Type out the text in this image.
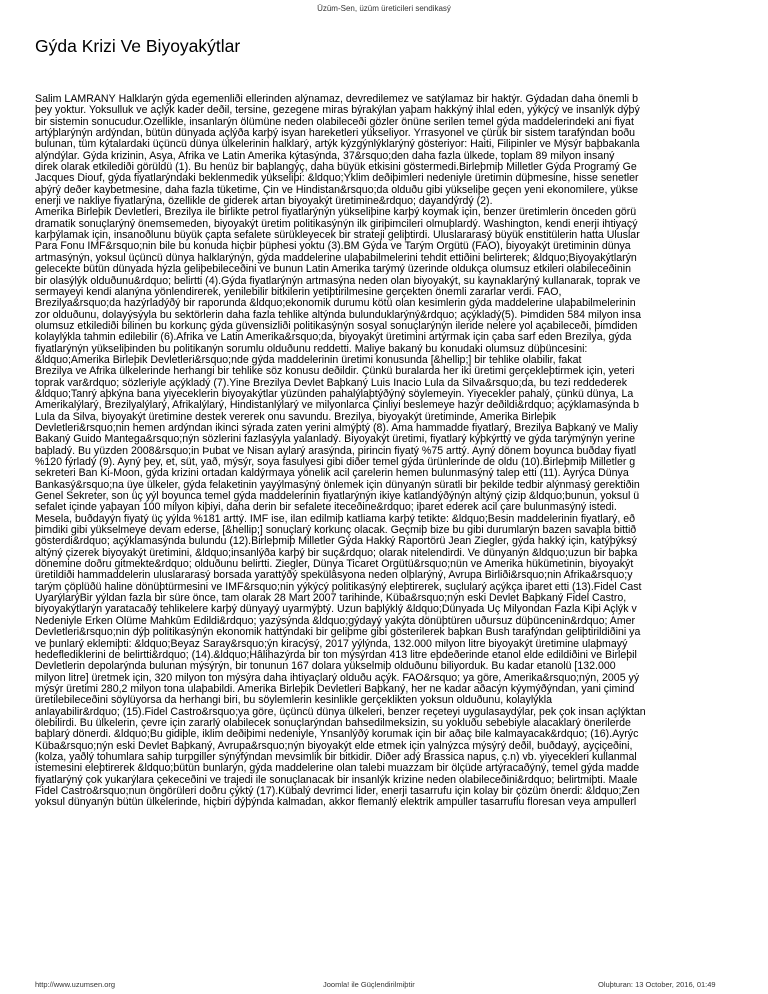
Üzüm-Sen, üzüm üreticileri sendikasý
Gýda Krizi Ve Biyoyakýtlar
Salim LAMRANÝ Halklarýn gýda egemenliði ellerinden alýnamaz, devredilemez ve satýlamaz bir haktýr. Gýdadan daha önemli b
þey yoktur. Yoksulluk ve açlýk kader deðil, tersine, gezegene miras býrakýlan yaþam hakkýný ihlal eden, yýkýcý ve insanlýk dýþý
bir sistemin sonucudur.Özellikle, insanlarýn ölümüne neden olabileceði gözler önüne serilen temel gýda maddelerindeki ani fiyat
artýþlarýnýn ardýndan, bütün dünyada açlýða karþý isyan hareketleri yükseliyor. Ýrrasyonel ve çürük bir sistem tarafýndan boðu
bulunan, tüm kýtalardaki üçüncü dünya ülkelerinin halklarý, artýk kýzgýnlýklarýný gösteriyor: Haiti, Filipinler ve Mýsýr baþbakanla
alýndýlar. Gýda krizinin, Asya, Afrika ve Latin Amerika kýtasýnda, 37&rsquo;den daha fazla ülkede, toplam 89 milyon insaný
direk olarak etkilediði görüldü (1). Bu henüz bir baþlangýç, daha büyük etkisini göstermedi.Birleþmiþ Milletler Gýda Programý Ge
Jacques Diouf, gýda fiyatlarýndaki beklenmedik yükseliþi: &ldquo;Ýklim deðiþimleri nedeniyle üretimin düþmesine, hisse senetler
aþýrý deðer kaybetmesine, daha fazla tüketime, Çin ve Hindistan&rsquo;da olduðu gibi yükseliþe geçen yeni ekonomilere, yükse
enerji ve nakliye fiyatlarýna, özellikle de giderek artan biyoyakýt üretimine&rdquo; dayandýrdý (2).
Amerika Birleþik Devletleri, Brezilya ile birlikte petrol fiyatlarýnýn yükseliþine karþý koymak için, benzer üretimlerin önceden görü
dramatik sonuçlarýný önemsemeden, biyoyakýt üretim politikasýnýn ilk giriþimcileri olmuþlardý. Washington, kendi enerji ihtiyaçý
karþýlamak için, insanoðlunu büyük çapta sefalete sürükleyecek bir strateji geliþtirdi. Uluslararasý büyük enstitülerin hatta Uluslar
Para Fonu IMF&rsquo;nin bile bu konuda hiçbir þüphesi yoktu (3).BM Gýda ve Tarým Örgütü (FAO), biyoyakýt üretiminin dünya
artmasýnýn, yoksul üçüncü dünya halklarýnýn, gýda maddelerine ulaþabilmelerini tehdit ettiðini belirterek; &ldquo;Biyoyakýtlarýn
gelecekte bütün dünyada hýzla geliþebileceðini ve bunun Latin Amerika tarýmý üzerinde oldukça olumsuz etkileri olabileceðinin
bir olasýlýk olduðunu&rdquo; belirtti (4).Gýda fiyatlarýnýn artmasýna neden olan biyoyakýt, su kaynaklarýný kullanarak, toprak ve
sermayeyi kendi alanýna yönlendirerek, yenilebilir bitkilerin yetiþtirilmesine gerçekten önemli zararlar verdi. FAO,
Brezilya&rsquo;da hazýrladýðý bir raporunda &ldquo;ekonomik durumu kötü olan kesimlerin gýda maddelerine ulaþabilmelerinin
zor olduðunu, dolayýsýyla bu sektörlerin daha fazla tehlike altýnda bulunduklarýný&rdquo; açýkladý(5). Þimdiden 584 milyon insa
olumsuz etkilediði bilinen bu korkunç gýda güvensizliði politikasýnýn sosyal sonuçlarýnýn ileride nelere yol açabileceði, þimdiden
kolaylýkla tahmin edilebilir (6).Afrika ve Latin Amerika&rsquo;da, biyoyakýt üretimini artýrmak için çaba sarf eden Brezilya, gýda
fiyatlarýnýn yükseliþinden bu politikanýn sorumlu olduðunu reddetti. Maliye bakaný bu konudaki olumsuz düþüncesini:
&ldquo;Amerika Birleþik Devletleri&rsquo;nde gýda maddelerinin üretimi konusunda [&hellip;] bir tehlike olabilir, fakat
Brezilya ve Afrika ülkelerinde herhangi bir tehlike söz konusu deðildir. Çünkü buralarda her iki üretimi gerçekleþtirmek için, yeteri
toprak var&rdquo; sözleriyle açýkladý (7).Yine Brezilya Devlet Baþkaný Luis Inacio Lula da Silva&rsquo;da, bu tezi reddederek
&ldquo;Tanrý aþkýna bana yiyeceklerin biyoyakýtlar yüzünden pahalýlaþtýðýný söylemeyin. Yiyecekler pahalý, çünkü dünya, La
Amerikalýlarý, Brezilyalýlarý, Afrikalýlarý, Hindistanlýlarý ve milyonlarca Çinliyi beslemeye hazýr deðildi&rdquo; açýklamasýnda b
Lula da Silva, biyoyakýt üretimine destek vererek onu savundu. Brezilya, biyoyakýt üretiminde, Amerika Birleþik
Devletleri&rsquo;nin hemen ardýndan ikinci sýrada zaten yerini almýþtý (8). Ama hammadde fiyatlarý, Brezilya Baþkaný ve Maliy
Bakaný Guido Mantega&rsquo;nýn sözlerini fazlasýyla yalanladý. Biyoyakýt üretimi, fiyatlarý kýþkýrttý ve gýda tarýmýnýn yerine
baþladý. Bu yüzden 2008&rsquo;in Þubat ve Nisan aylarý arasýnda, pirincin fiyatý %75 arttý. Ayný dönem boyunca buðday fiyatl
%120 fýrladý (9). Ayný þey, et, süt, yað, mýsýr, soya fasulyesi gibi diðer temel gýda ürünlerinde de oldu (10).Birleþmiþ Milletler g
sekreteri Ban Ki-Moon, gýda krizini ortadan kaldýrmaya yönelik acil çarelerin hemen bulunmasýný talep etti (11). Ayrýca Dünya
Bankasý&rsquo;na üye ülkeler, gýda felaketinin yayýlmasýný önlemek için dünyanýn süratli bir þekilde tedbir alýnmasý gerektiðin
Genel Sekreter, son üç yýl boyunca temel gýda maddelerinin fiyatlarýnýn ikiye katlandýðýnýn altýný çizip &ldquo;bunun, yoksul ü
sefalet içinde yaþayan 100 milyon kiþiyi, daha derin bir sefalete iteceðine&rdquo; iþaret ederek acil çare bulunmasýný istedi.
Mesela, buðdayýn fiyatý üç yýlda %181 arttý. IMF ise, ilan edilmiþ katliama karþý tetikte: &ldquo;Besin maddelerinin fiyatlarý, eð
þimdiki gibi yükselmeye devam ederse, [&hellip;] sonuçlarý korkunç olacak. Geçmiþ bize bu gibi durumlarýn bazen savaþla bittið
gösterdi&rdquo; açýklamasýnda bulundu (12).Birleþmiþ Milletler Gýda Hakký Raportörü Jean Ziegler, gýda hakký için, katýþýksý
altýný çizerek biyoyakýt üretimini, &ldquo;insanlýða karþý bir suç&rdquo; olarak nitelendirdi. Ve dünyanýn &ldquo;uzun bir baþka
dönemine doðru gitmekte&rdquo; olduðunu belirtti. Ziegler, Dünya Ticaret Örgütü&rsquo;nün ve Amerika hükümetinin, biyoyakýt
üretildiði hammaddelerin uluslararasý borsada yarattýðý spekülâsyona neden olþlarýný, Avrupa Birliði&rsquo;nin Afrika&rsquo;y
tarým çöplüðü haline dönüþtürmesini ve IMF&rsquo;nin yýkýcý politikasýný eleþtirerek, suçlularý açýkça iþaret etti (13).Fidel Cast
UyarýlarýBir yýldan fazla bir süre önce, tam olarak 28 Mart 2007 tarihinde, Küba&rsquo;nýn eski Devlet Baþkaný Fidel Castro,
biyoyakýtlarýn yaratacaðý tehlikelere karþý dünyayý uyarmýþtý. Uzun baþlýklý &ldquo;Dünyada Üç Milyondan Fazla Kiþi Açlýk v
Nedeniyle Erken Ölüme Mahkûm Edildi&rdquo; yazýsýnda &ldquo;gýdayý yakýta dönüþtüren uðursuz düþüncenin&rdquo; Amer
Devletleri&rsquo;nin dýþ politikasýnýn ekonomik hattýndaki bir geliþme gibi gösterilerek baþkan Bush tarafýndan geliþtirildiðini ya
ve þunlarý eklemiþti: &ldquo;Beyaz Saray&rsquo;ýn kiracýsý, 2017 yýlýnda, 132.000 milyon litre biyoyakýt üretimine ulaþmayý
hedeflediklerini de belirtti&rdquo; (14).&ldquo;Hâlihazýrda bir ton mýsýrdan 413 litre eþdeðerinde etanol elde edildiðini ve Birleþil
Devletlerin depolarýnda bulunan mýsýrýn, bir tonunun 167 dolara yükselmiþ olduðunu biliyorduk. Bu kadar etanolü [132.000
milyon litre] üretmek için, 320 milyon ton mýsýra daha ihtiyaçlarý olduðu açýk. FAO&rsquo; ya göre, Amerika&rsquo;nýn, 2005 yý
mýsýr üretimi 280,2 milyon tona ulaþabildi. Amerika Birleþik Devletleri Baþkaný, her ne kadar aðacýn kýymýðýndan, yani çimind
üretilebileceðini söylüyorsa da herhangi biri, bu söylemlerin kesinlikle gerçeklikten yoksun olduðunu, kolaylýkla
anlayabilir&rdquo; (15).Fidel Castro&rsquo;ya göre, üçüncü dünya ülkeleri, benzer reçeteyi uygulasaydýlar, pek çok insan açlýktan
ölebilirdi. Bu ülkelerin, çevre için zararlý olabilecek sonuçlarýndan bahsedilmeksizin, su yokluðu sebebiyle alacaklarý önerilerde
baþlarý dönerdi. &ldquo;Bu gidiþle, iklim deðiþimi nedeniyle, Ýnsanlýðý korumak için bir aðaç bile kalmayacak&rdquo; (16).Ayrýc
Küba&rsquo;nýn eski Devlet Baþkaný, Avrupa&rsquo;nýn biyoyakýt elde etmek için yalnýzca mýsýrý deðil, buðdayý, ayçiçeðini,
(kolza, yaðlý tohumlara sahip turpgiller sýnýfýndan mevsimlik bir bitkidir. Diðer adý Brassica napus, ç.n) vb. yiyecekleri kullanmal
istemesini eleþtirerek &ldquo;bütün bunlarýn, gýda maddelerine olan talebi muazzam bir ölçüde artýracaðýný, temel gýda madde
fiyatlarýný çok yukarýlara çekeceðini ve trajedi ile sonuçlanacak bir insanlýk krizine neden olabileceðini&rdquo; belirtmiþti. Maale
Fidel Castro&rsquo;nun öngörüleri doðru çýktý (17).Kübalý devrimci lider, enerji tasarrufu için kolay bir çözüm önerdi: &ldquo;Zen
yoksul dünyanýn bütün ülkelerinde, hiçbiri dýþýnda kalmadan, akkor flemanlý elektrik ampuller tasarruflu floresan veya ampullerl
http://www.uzumsen.org	Joomla! ile Güçlendirilmiþtir	Oluþturan: 13 October, 2016, 01:49
